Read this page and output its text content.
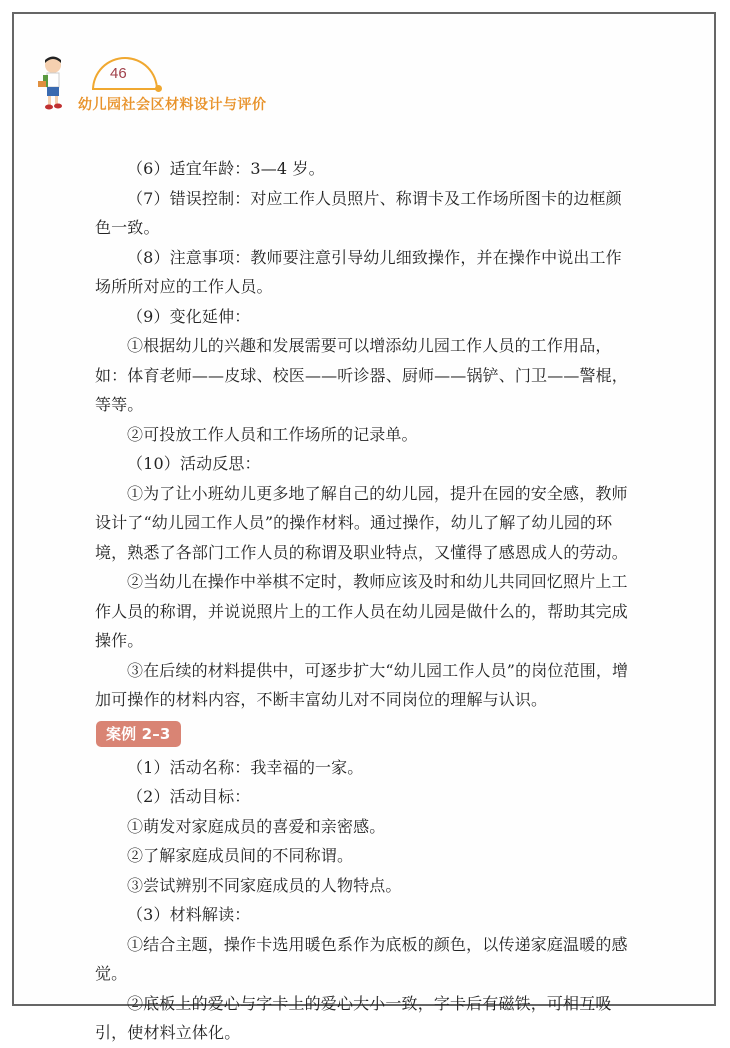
46
幼儿园社会区材料设计与评价

（6）适宜年龄：3—4 岁。

（7）错误控制：对应工作人员照片、称谓卡及工作场所图卡的边框颜色一致。

（8）注意事项：教师要注意引导幼儿细致操作，并在操作中说出工作场所所对应的工作人员。

（9）变化延伸：

①根据幼儿的兴趣和发展需要可以增添幼儿园工作人员的工作用品，如：体育老师——皮球、校医——听诊器、厨师——锅铲、门卫——警棍，等等。

②可投放工作人员和工作场所的记录单。

（10）活动反思：

①为了让小班幼儿更多地了解自己的幼儿园，提升在园的安全感，教师设计了“幼儿园工作人员”的操作材料。通过操作，幼儿了解了幼儿园的环境，熟悉了各部门工作人员的称谓及职业特点，又懂得了感恩成人的劳动。

②当幼儿在操作中举棋不定时，教师应该及时和幼儿共同回忆照片上工作人员的称谓，并说说照片上的工作人员在幼儿园是做什么的，帮助其完成操作。

③在后续的材料提供中，可逐步扩大“幼儿园工作人员”的岗位范围，增加可操作的材料内容，不断丰富幼儿对不同岗位的理解与认识。

案例 2–3

（1）活动名称：我幸福的一家。

（2）活动目标：

①萌发对家庭成员的喜爱和亲密感。

②了解家庭成员间的不同称谓。

③尝试辨别不同家庭成员的人物特点。

（3）材料解读：

①结合主题，操作卡选用暖色系作为底板的颜色，以传递家庭温暖的感觉。

②底板上的爱心与字卡上的爱心大小一致，字卡后有磁铁，可相互吸引，使材料立体化。
